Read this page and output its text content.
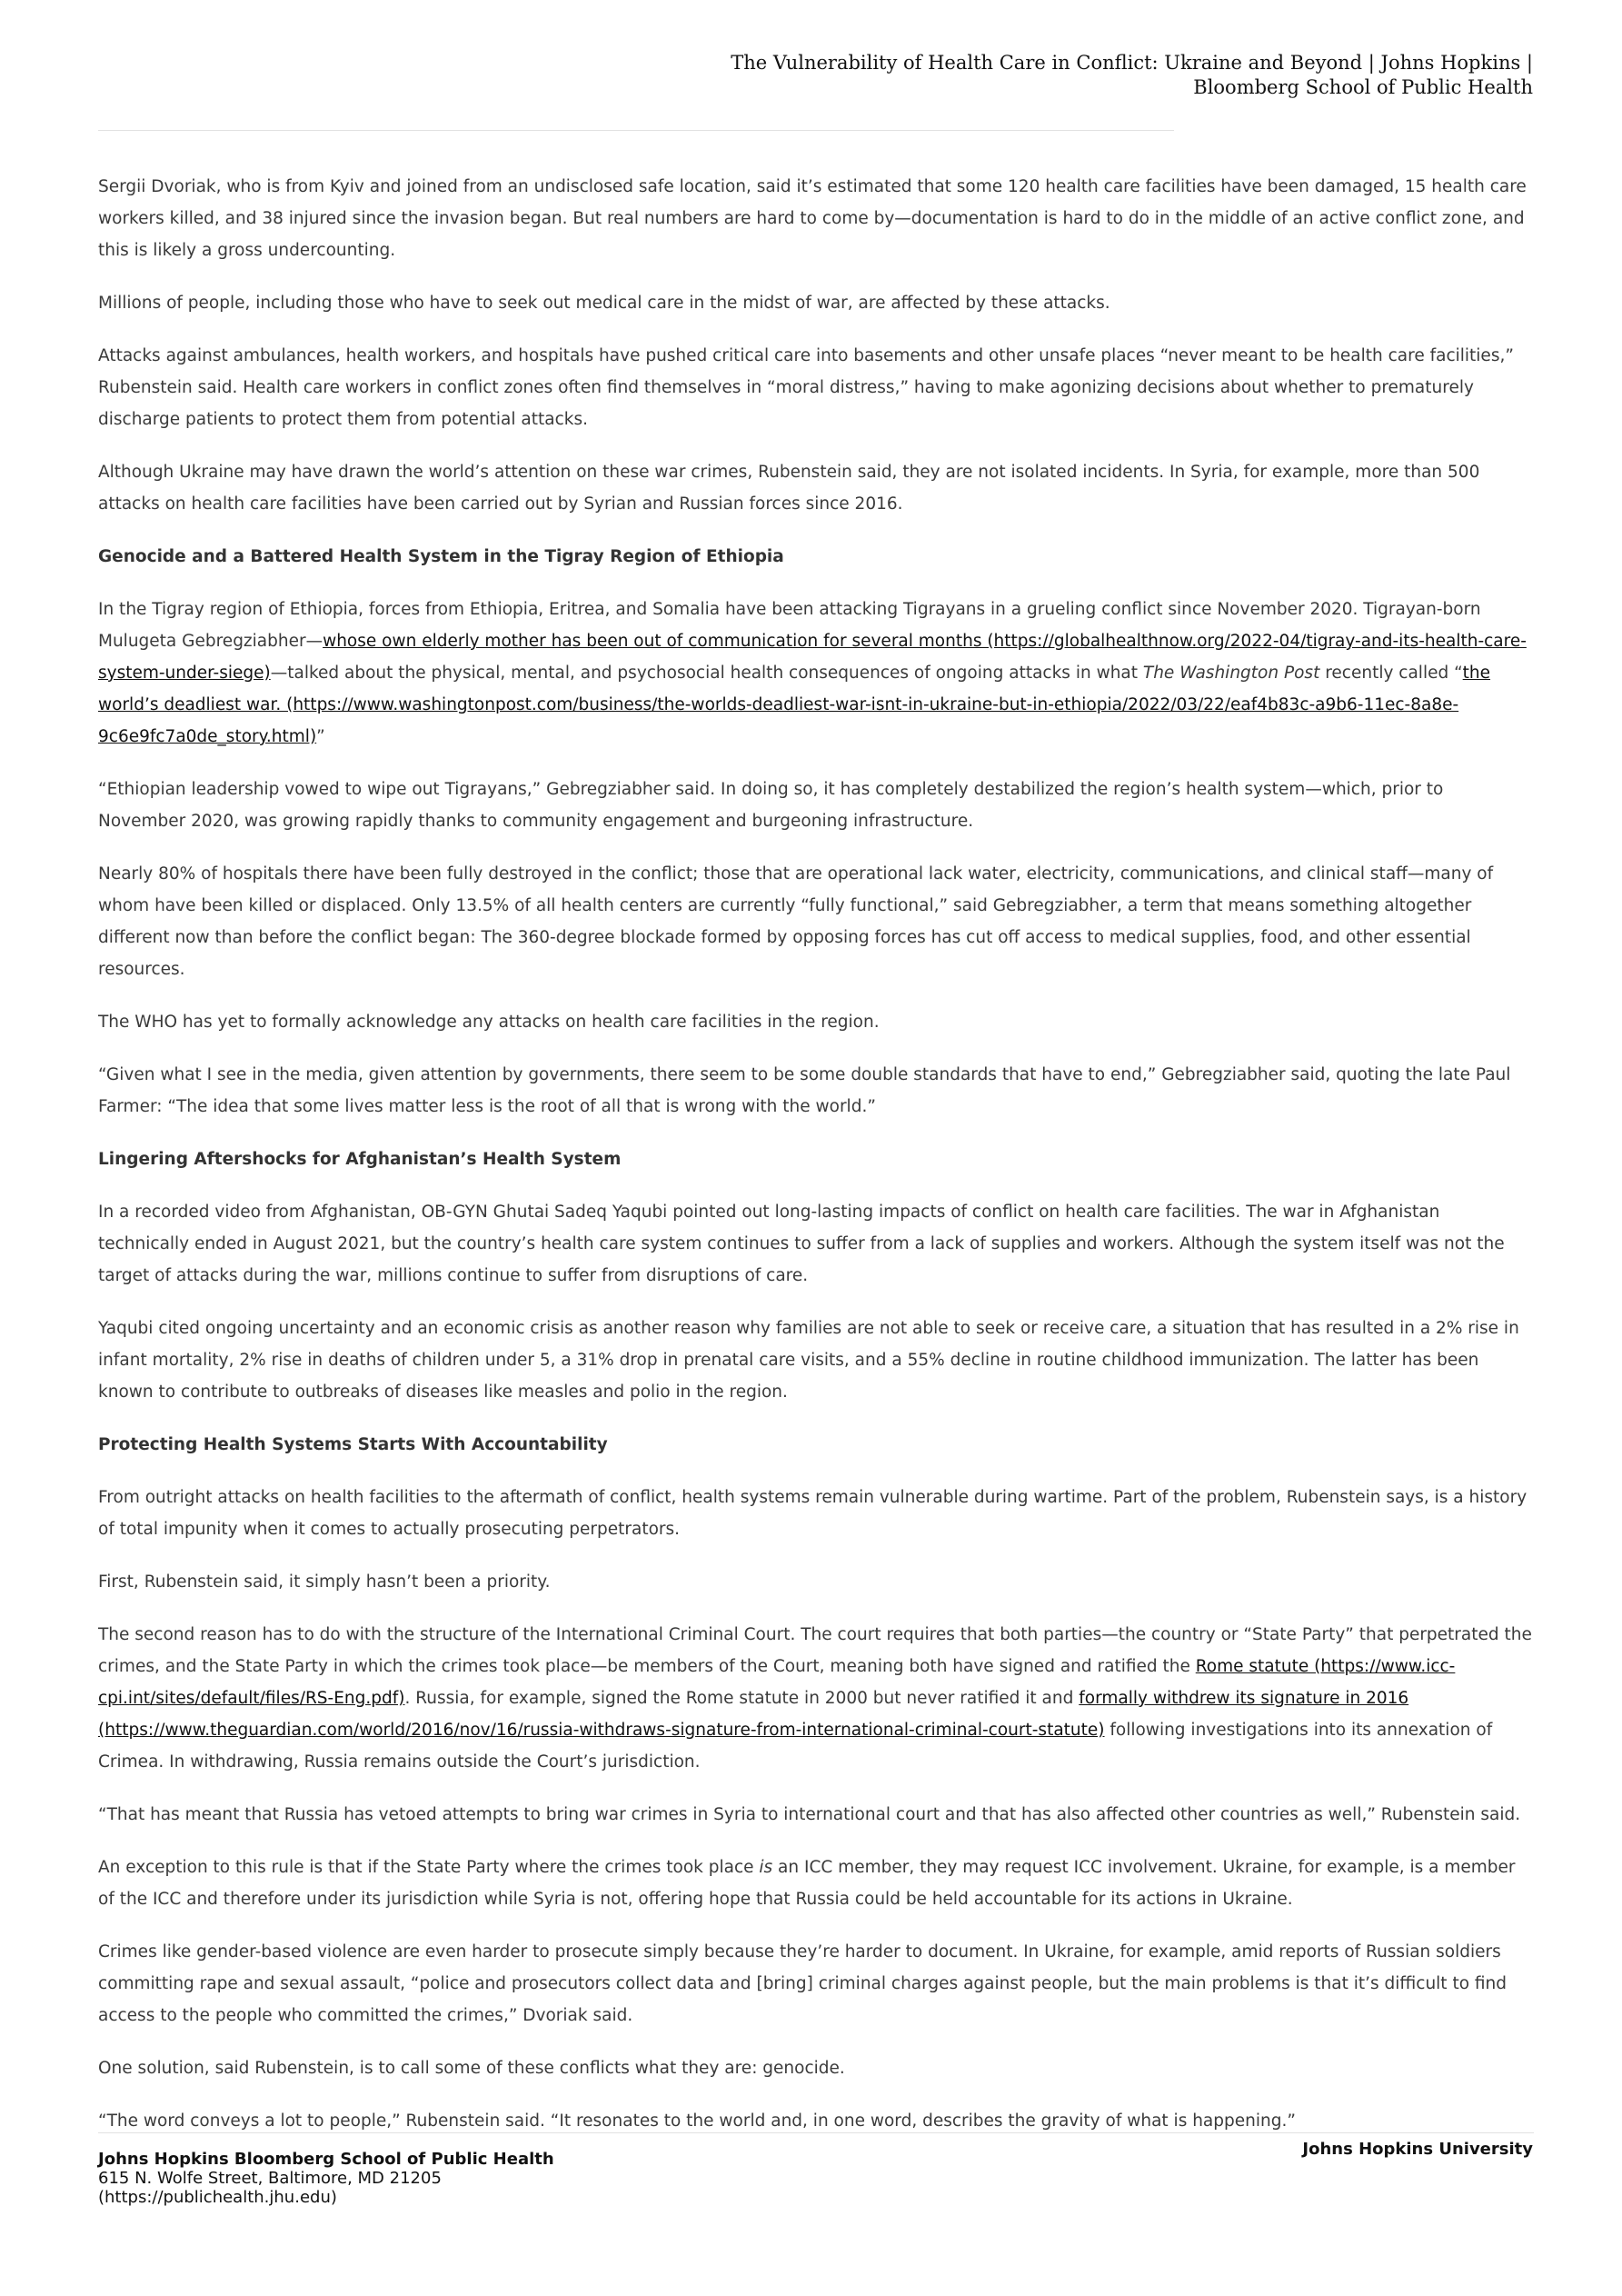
The Vulnerability of Health Care in Conflict: Ukraine and Beyond | Johns Hopkins | Bloomberg School of Public Health

Sergii Dvoriak, who is from Kyiv and joined from an undisclosed safe location, said it’s estimated that some 120 health care facilities have been damaged, 15 health care workers killed, and 38 injured since the invasion began. But real numbers are hard to come by—documentation is hard to do in the middle of an active conflict zone, and this is likely a gross undercounting.

Millions of people, including those who have to seek out medical care in the midst of war, are affected by these attacks.

Attacks against ambulances, health workers, and hospitals have pushed critical care into basements and other unsafe places “never meant to be health care facilities,” Rubenstein said. Health care workers in conflict zones often find themselves in “moral distress,” having to make agonizing decisions about whether to prematurely discharge patients to protect them from potential attacks.

Although Ukraine may have drawn the world’s attention on these war crimes, Rubenstein said, they are not isolated incidents. In Syria, for example, more than 500 attacks on health care facilities have been carried out by Syrian and Russian forces since 2016.

Genocide and a Battered Health System in the Tigray Region of Ethiopia

In the Tigray region of Ethiopia, forces from Ethiopia, Eritrea, and Somalia have been attacking Tigrayans in a grueling conflict since November 2020. Tigrayan-born Mulugeta Gebregziabher—whose own elderly mother has been out of communication for several months (https://globalhealthnow.org/2022-04/tigray-and-its-health-care-system-under-siege)—talked about the physical, mental, and psychosocial health consequences of ongoing attacks in what The Washington Post recently called “the world’s deadliest war. (https://www.washingtonpost.com/business/the-worlds-deadliest-war-isnt-in-ukraine-but-in-ethiopia/2022/03/22/eaf4b83c-a9b6-11ec-8a8e-9c6e9fc7a0de_story.html)”

“Ethiopian leadership vowed to wipe out Tigrayans,” Gebregziabher said. In doing so, it has completely destabilized the region’s health system—which, prior to November 2020, was growing rapidly thanks to community engagement and burgeoning infrastructure.

Nearly 80% of hospitals there have been fully destroyed in the conflict; those that are operational lack water, electricity, communications, and clinical staff—many of whom have been killed or displaced. Only 13.5% of all health centers are currently “fully functional,” said Gebregziabher, a term that means something altogether different now than before the conflict began: The 360-degree blockade formed by opposing forces has cut off access to medical supplies, food, and other essential resources.

The WHO has yet to formally acknowledge any attacks on health care facilities in the region.

“Given what I see in the media, given attention by governments, there seem to be some double standards that have to end,” Gebregziabher said, quoting the late Paul Farmer: “The idea that some lives matter less is the root of all that is wrong with the world.”

Lingering Aftershocks for Afghanistan’s Health System

In a recorded video from Afghanistan, OB-GYN Ghutai Sadeq Yaqubi pointed out long-lasting impacts of conflict on health care facilities. The war in Afghanistan technically ended in August 2021, but the country’s health care system continues to suffer from a lack of supplies and workers. Although the system itself was not the target of attacks during the war, millions continue to suffer from disruptions of care.

Yaqubi cited ongoing uncertainty and an economic crisis as another reason why families are not able to seek or receive care, a situation that has resulted in a 2% rise in infant mortality, 2% rise in deaths of children under 5, a 31% drop in prenatal care visits, and a 55% decline in routine childhood immunization. The latter has been known to contribute to outbreaks of diseases like measles and polio in the region.

Protecting Health Systems Starts With Accountability

From outright attacks on health facilities to the aftermath of conflict, health systems remain vulnerable during wartime. Part of the problem, Rubenstein says, is a history of total impunity when it comes to actually prosecuting perpetrators.

First, Rubenstein said, it simply hasn’t been a priority.

The second reason has to do with the structure of the International Criminal Court. The court requires that both parties—the country or “State Party” that perpetrated the crimes, and the State Party in which the crimes took place—be members of the Court, meaning both have signed and ratified the Rome statute (https://www.icc-cpi.int/sites/default/files/RS-Eng.pdf). Russia, for example, signed the Rome statute in 2000 but never ratified it and formally withdrew its signature in 2016 (https://www.theguardian.com/world/2016/nov/16/russia-withdraws-signature-from-international-criminal-court-statute) following investigations into its annexation of Crimea. In withdrawing, Russia remains outside the Court’s jurisdiction.

“That has meant that Russia has vetoed attempts to bring war crimes in Syria to international court and that has also affected other countries as well,” Rubenstein said.

An exception to this rule is that if the State Party where the crimes took place is an ICC member, they may request ICC involvement. Ukraine, for example, is a member of the ICC and therefore under its jurisdiction while Syria is not, offering hope that Russia could be held accountable for its actions in Ukraine.

Crimes like gender-based violence are even harder to prosecute simply because they’re harder to document. In Ukraine, for example, amid reports of Russian soldiers committing rape and sexual assault, “police and prosecutors collect data and [bring] criminal charges against people, but the main problems is that it’s difficult to find access to the people who committed the crimes,” Dvoriak said.

One solution, said Rubenstein, is to call some of these conflicts what they are: genocide.

“The word conveys a lot to people,” Rubenstein said. “It resonates to the world and, in one word, describes the gravity of what is happening.”

Johns Hopkins Bloomberg School of Public Health
615 N. Wolfe Street, Baltimore, MD 21205
(https://publichealth.jhu.edu)
Johns Hopkins University
